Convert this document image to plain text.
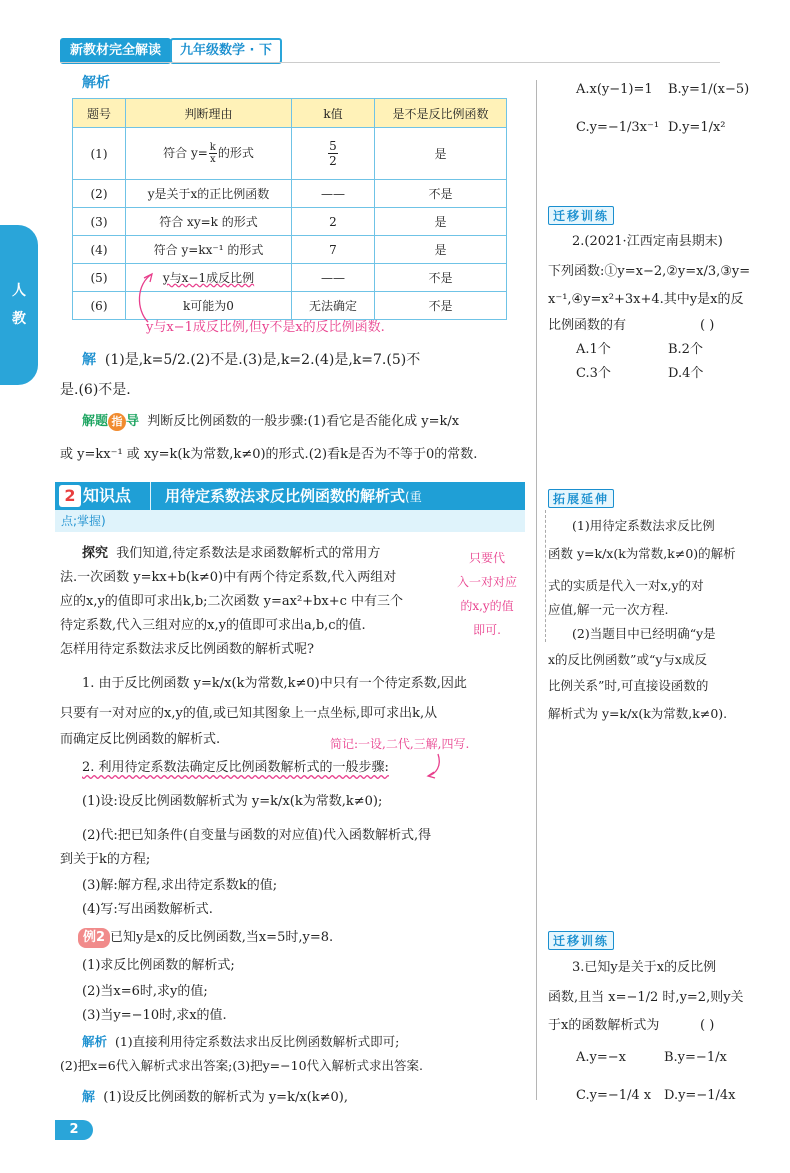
新教材完全解读	九年级数学 · 下
人
教
解析
题号	判断理由	k值	是不是反比例函数
(1)	符合 $y= \frac{k}{x}$ 的形式	$\frac{5}{2}$	是
(2)	y是关于x的正比例函数	——	不是
(3)	符合 xy=k 的形式	2	是
(4)	符合 y=kx⁻¹ 的形式	7	是
(5)	y与x−1成反比例	——	不是
(6)	k可能为0	无法确定	不是
y与x−1成反比例,但y不是x的反比例函数.
解 (1)是,k=5/2.(2)不是.(3)是,k=2.(4)是,k=7.(5)不
是.(6)不是.
解题 指 导 判断反比例函数的一般步骤:(1)看它是否能化成 y=k/x
或 y=kx⁻¹ 或 xy=k(k为常数,k≠0)的形式.(2)看k是否为不等于0的常数.
2 知识点	用待定系数法求反比例函数的解析式(重
点;掌握)
探究 我们知道,待定系数法是求函数解析式的常用方
法.一次函数 y=kx+b(k≠0)中有两个待定系数,代入两组对
应的x,y的值即可求出k,b;二次函数 y=ax²+bx+c 中有三个
待定系数,代入三组对应的x,y的值即可求出a,b,c的值.
怎样用待定系数法求反比例函数的解析式呢?
只要代
入一对对应
的x,y的值
即可.
1. 由于反比例函数 y=k/x(k为常数,k≠0)中只有一个待定系数,因此
只要有一对对应的x,y的值,或已知其图象上一点坐标,即可求出k,从
而确定反比例函数的解析式.	简记:一设,二代,三解,四写.
2. 利用待定系数法确定反比例函数解析式的一般步骤:
(1)设:设反比例函数解析式为 y=k/x(k为常数,k≠0);
(2)代:把已知条件(自变量与函数的对应值)代入函数解析式,得
到关于k的方程;
(3)解:解方程,求出待定系数k的值;
(4)写:写出函数解析式.
例2 已知y是x的反比例函数,当x=5时,y=8.
(1)求反比例函数的解析式;
(2)当x=6时,求y的值;
(3)当y=−10时,求x的值.
解析 (1)直接利用待定系数法求出反比例函数解析式即可;
(2)把x=6代入解析式求出答案;(3)把y=−10代入解析式求出答案.
解 (1)设反比例函数的解析式为 y=k/x(k≠0),
2
A.x(y−1)=1 B.y=1/(x−5)
C.y=−1/3x⁻¹ D.y=1/x²
迁移训练
2.(2021·江西定南县期末)
下列函数:①y=x−2,②y=x/3,③y=
x⁻¹,④y=x²+3x+4.其中y是x的反
比例函数的有	( )
A.1个	B.2个
C.3个	D.4个
拓展延伸
(1)用待定系数法求反比例
函数 y=k/x(k为常数,k≠0)的解析
式的实质是代入一对x,y的对
应值,解一元一次方程.
(2)当题目中已经明确“y是
x的反比例函数”或“y与x成反
比例关系”时,可直接设函数的
解析式为 y=k/x(k为常数,k≠0).
迁移训练
3.已知y是关于x的反比例
函数,且当 x=−1/2 时,y=2,则y关
于x的函数解析式为	( )
A.y=−x	B.y=−1/x
C.y=−1/4 x D.y=−1/4x
